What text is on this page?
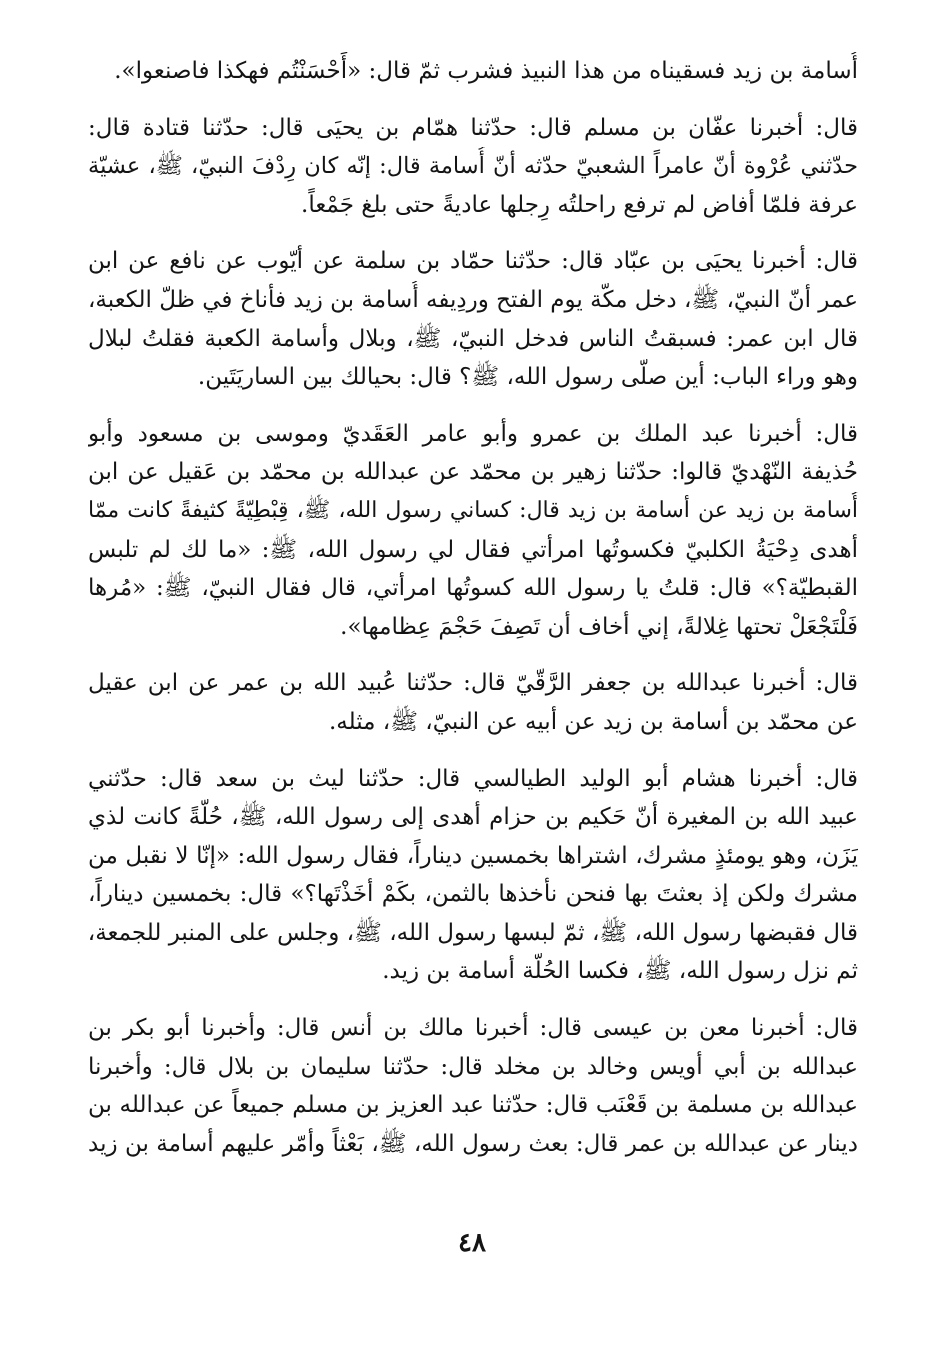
أُسامة بن زيد فسقيناه من هذا النبيذ فشرب ثمّ قال: «أَحْسَنْتُم فهكذا فاصنعوا».
قال: أخبرنا عفّان بن مسلم قال: حدّثنا همّام بن يحيَى قال: حدّثنا قتادة قال:
حدّثني عُرْوة أنّ عامراً الشعبيّ حدّثه أنّ أُسامة قال: إنّه كان رِدْفَ النبيّ، ﷺ، عشيّة
عرفة فلمّا أفاض لم ترفع راحلتُه رِجلها عاديةً حتى بلغ جَمْعاً.
قال: أخبرنا يحيَى بن عبّاد قال: حدّثنا حمّاد بن سلمة عن أيّوب عن نافع عن ابن
عمر أنّ النبيّ، ﷺ، دخل مكّة يوم الفتح وردِيفه أُسامة بن زيد فأناخ في ظلّ الكعبة،
قال ابن عمر: فسبقتُ الناس فدخل النبيّ، ﷺ، وبلال وأسامة الكعبة فقلتُ لبلال
وهو وراء الباب: أين صلّى رسول الله، ﷺ؟ قال: بحيالك بين الساريَتَين.
قال: أخبرنا عبد الملك بن عمرو وأبو عامر العَقَديّ وموسى بن مسعود وأبو
حُذيفة النّهْديّ قالوا: حدّثنا زهير بن محمّد عن عبدالله بن محمّد بن عَقيل عن ابن
أُسامة بن زيد عن أسامة بن زيد قال: كساني رسول الله، ﷺ، قِبْطِيّةً كثيفةً كانت ممّا
أهدى دِحْيَةُ الكلبيّ فكسوتُها امرأتي فقال لي رسول الله، ﷺ: «ما لك لم تلبس
القبطيّة؟» قال: قلتُ يا رسول الله كسوتُها امرأتي، قال فقال النبيّ، ﷺ: «مُرها
فَلْتَجْعَلْ تحتها غِلالةً، إني أخاف أن تَصِفَ حَجْمَ عِظامها».
قال: أخبرنا عبدالله بن جعفر الرَّقّيّ قال: حدّثنا عُبيد الله بن عمر عن ابن عقيل
عن محمّد بن أسامة بن زيد عن أبيه عن النبيّ، ﷺ، مثله.
قال: أخبرنا هشام أبو الوليد الطيالسي قال: حدّثنا ليث بن سعد قال: حدّثني
عبيد الله بن المغيرة أنّ حَكيم بن حزام أهدى إلى رسول الله، ﷺ، حُلّةً كانت لذي
يَزَن، وهو يومئذٍ مشرك، اشتراها بخمسين ديناراً، فقال رسول الله: «إنّا لا نقبل من
مشرك ولكن إذ بعثتَ بها فنحن نأخذها بالثمن، بكَمْ أخَذْتَها؟» قال: بخمسين ديناراً،
قال فقبضها رسول الله، ﷺ، ثمّ لبسها رسول الله، ﷺ، وجلس على المنبر للجمعة،
ثم نزل رسول الله، ﷺ، فكسا الحُلّة أسامة بن زيد.
قال: أخبرنا معن بن عيسى قال: أخبرنا مالك بن أنس قال: وأخبرنا أبو بكر بن
عبدالله بن أبي أويس وخالد بن مخلد قال: حدّثنا سليمان بن بلال قال: وأخبرنا
عبدالله بن مسلمة بن قَعْنَب قال: حدّثنا عبد العزيز بن مسلم جميعاً عن عبدالله بن
دينار عن عبدالله بن عمر قال: بعث رسول الله، ﷺ، بَعْثاً وأمّر عليهم أسامة بن زيد
٤٨
